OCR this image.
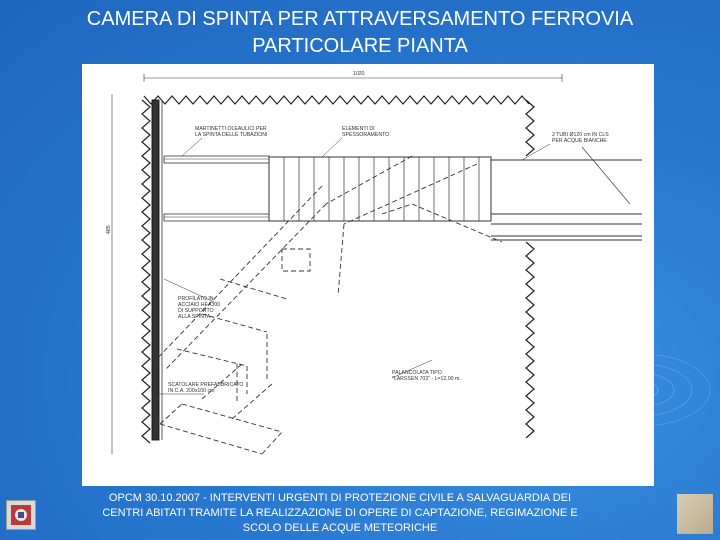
CAMERA DI SPINTA PER ATTRAVERSAMENTO FERROVIA
PARTICOLARE PIANTA
1020
485
MARTINETTI OLEAULICI PER
LA SPINTA DELLE TUBAZIONI
ELEMENTI DI
SPESSORAMENTO	2 TUBI Ø120 cm IN CLS
PER ACQUE BIANCHE
PROFILATO IN
ACCIAIO HEA300
DI SUPPORTO
ALLA SPINTA
SCATOLARE PREFABBRICATO
IN C.A. 200x100 cm
PALANCOLATA TIPO
"LARSSEN 703" - L=12,00 m.
OPCM 30.10.2007 - INTERVENTI URGENTI DI PROTEZIONE CIVILE A SALVAGUARDIA DEI
CENTRI ABITATI TRAMITE LA REALIZZAZIONE DI OPERE DI CAPTAZIONE, REGIMAZIONE E
SCOLO DELLE ACQUE METEORICHE
